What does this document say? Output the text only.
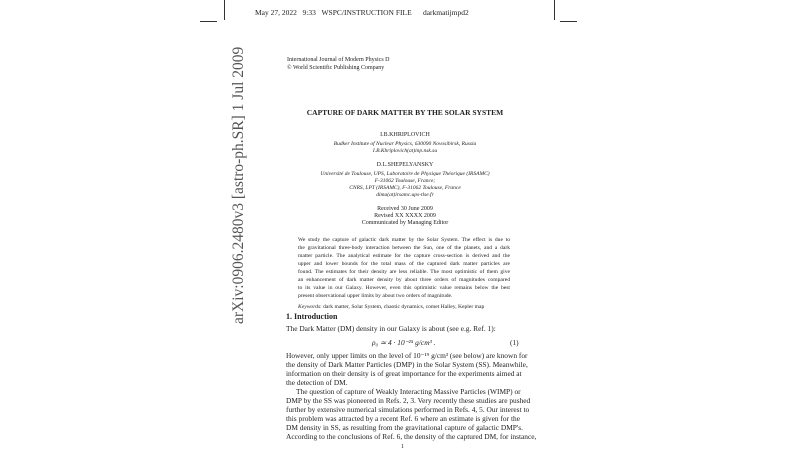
May 27, 2022 9:33 WSPC/INSTRUCTION FILE darkmatijmpd2
arXiv:0906.2480v3 [astro-ph.SR] 1 Jul 2009	International Journal of Modern Physics D
© World Scientific Publishing Company
CAPTURE OF DARK MATTER BY THE SOLAR SYSTEM
I.B.KHRIPLOVICH
Budker Institute of Nuclear Physics, 630090 Novosibirsk, Russia
I.B.Khriplovich(at)inp.nsk.su
D.L.SHEPELYANSKY
Université de Toulouse, UPS, Laboratoire de Physique Théorique (IRSAMC)
F-31062 Toulouse, France;
CNRS, LPT (IRSAMC), F-31062 Toulouse, France
dima(at)irsamc.ups-tlse.fr
Received 30 June 2009
Revised XX XXXX 2009
Communicated by Managing Editor
We study the capture of galactic dark matter by the Solar System. The effect is due to
the gravitational three-body interaction between the Sun, one of the planets, and a dark
matter particle. The analytical estimate for the capture cross-section is derived and the
upper and lower bounds for the total mass of the captured dark matter particles are
found. The estimates for their density are less reliable. The most optimistic of them give
an enhancement of dark matter density by about three orders of magnitudes compared
to its value in our Galaxy. However, even this optimistic value remains below the best
present observational upper limits by about two orders of magnitude.
Keywords: dark matter, Solar System, chaotic dynamics, comet Halley, Kepler map
1. Introduction
The Dark Matter (DM) density in our Galaxy is about (see e.g. Ref. 1):
ρ₀ ≃ 4 · 10⁻²⁵ g/cm³ .	(1)
However, only upper limits on the level of 10⁻¹⁹ g/cm³ (see below) are known for
the density of Dark Matter Particles (DMP) in the Solar System (SS). Meanwhile,
information on their density is of great importance for the experiments aimed at
the detection of DM.
The question of capture of Weakly Interacting Massive Particles (WIMP) or
DMP by the SS was pioneered in Refs. 2, 3. Very recently these studies are pushed
further by extensive numerical simulations performed in Refs. 4, 5. Our interest to
this problem was attracted by a recent Ref. 6 where an estimate is given for the
DM density in SS, as resulting from the gravitational capture of galactic DMP's.
According to the conclusions of Ref. 6, the density of the captured DM, for instance,
1
